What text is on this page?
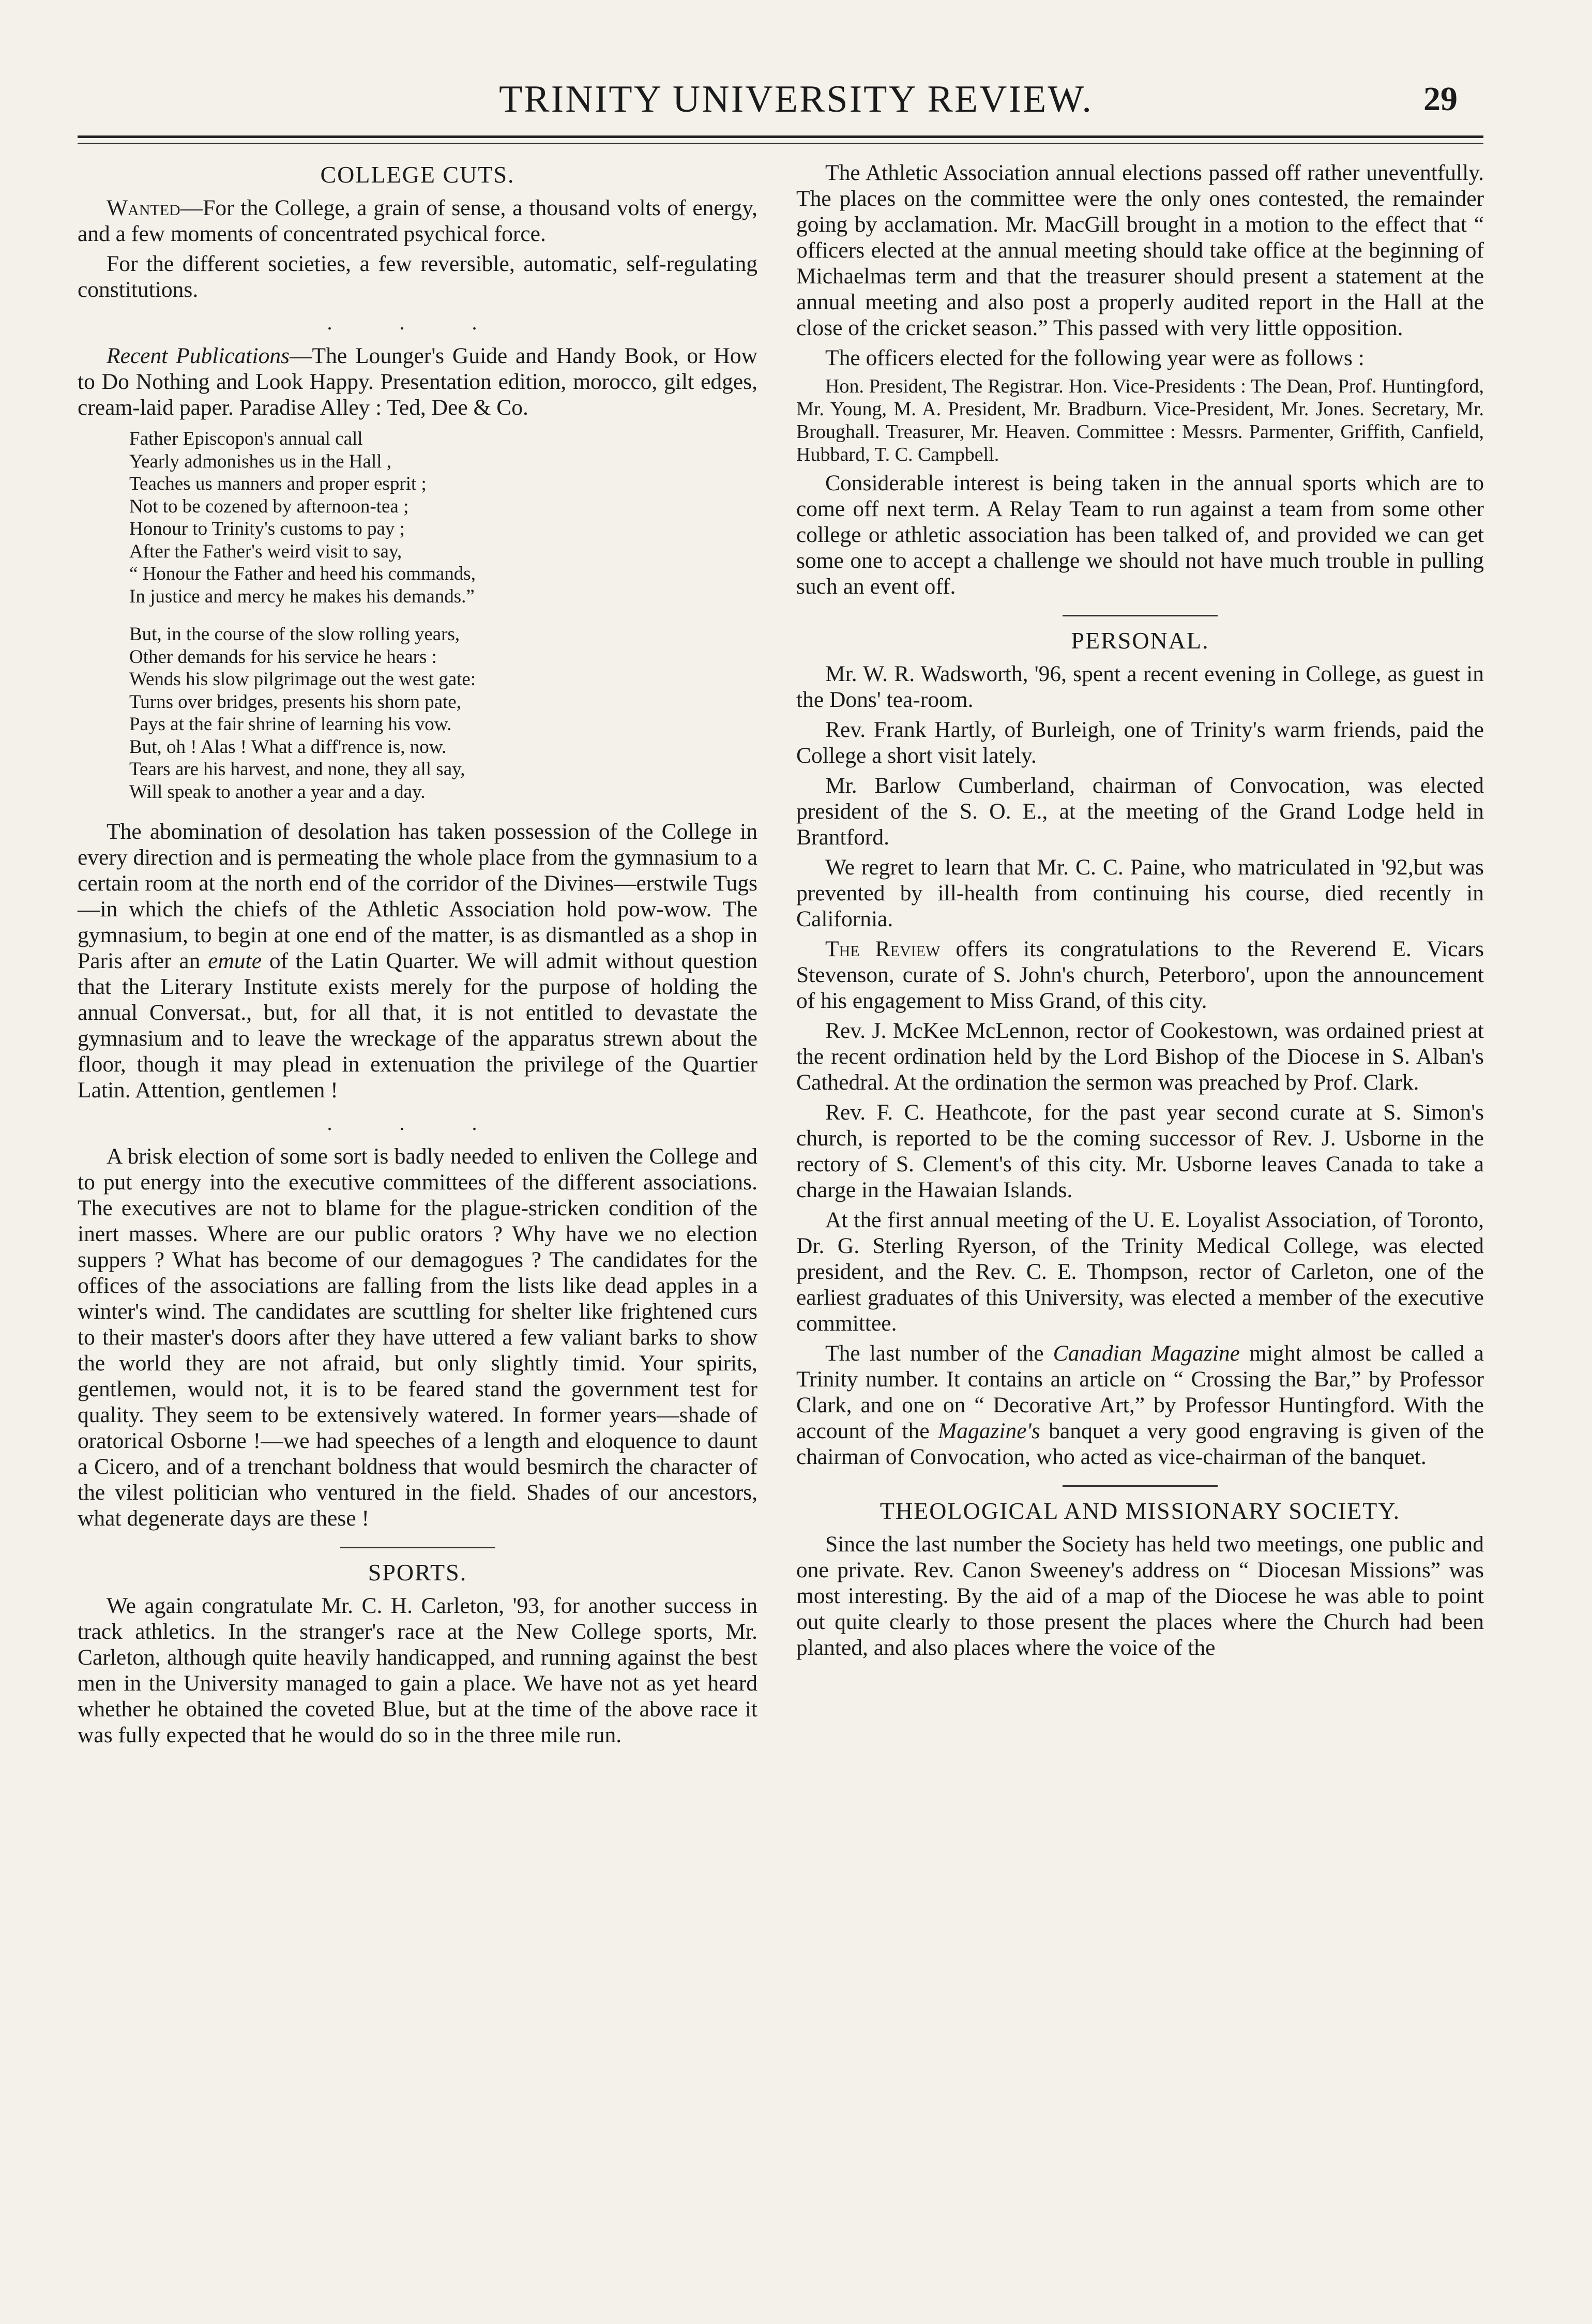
TRINITY UNIVERSITY REVIEW.	29
COLLEGE CUTS.

Wanted—For the College, a grain of sense, a thousand volts of energy, and a few moments of concentrated psychical force.

For the different societies, a few reversible, automatic, self-regulating constitutions.

. . .

Recent Publications—The Lounger's Guide and Handy Book, or How to Do Nothing and Look Happy. Presentation edition, morocco, gilt edges, cream-laid paper. Paradise Alley : Ted, Dee & Co.

Father Episcopon's annual call
Yearly admonishes us in the Hall ,
Teaches us manners and proper esprit ;
Not to be cozened by afternoon-tea ;
Honour to Trinity's customs to pay ;
After the Father's weird visit to say,
“ Honour the Father and heed his commands,
In justice and mercy he makes his demands.”
But, in the course of the slow rolling years,
Other demands for his service he hears :
Wends his slow pilgrimage out the west gate:
Turns over bridges, presents his shorn pate,
Pays at the fair shrine of learning his vow.
But, oh ! Alas ! What a diff'rence is, now.
Tears are his harvest, and none, they all say,
Will speak to another a year and a day.

The abomination of desolation has taken possession of the College in every direction and is permeating the whole place from the gymnasium to a certain room at the north end of the corridor of the Divines—erstwile Tugs—in which the chiefs of the Athletic Association hold pow-wow. The gymnasium, to begin at one end of the matter, is as dismantled as a shop in Paris after an emute of the Latin Quarter. We will admit without question that the Literary Institute exists merely for the purpose of holding the annual Conversat., but, for all that, it is not entitled to devastate the gymnasium and to leave the wreckage of the apparatus strewn about the floor, though it may plead in extenuation the privilege of the Quartier Latin. Attention, gentlemen !

. . .

A brisk election of some sort is badly needed to enliven the College and to put energy into the executive committees of the different associations. The executives are not to blame for the plague-stricken condition of the inert masses. Where are our public orators ? Why have we no election suppers ? What has become of our demagogues ? The candidates for the offices of the associations are falling from the lists like dead apples in a winter's wind. The candidates are scuttling for shelter like frightened curs to their master's doors after they have uttered a few valiant barks to show the world they are not afraid, but only slightly timid. Your spirits, gentlemen, would not, it is to be feared stand the government test for quality. They seem to be extensively watered. In former years—shade of oratorical Osborne !—we had speeches of a length and eloquence to daunt a Cicero, and of a trenchant boldness that would besmirch the character of the vilest politician who ventured in the field. Shades of our ancestors, what degenerate days are these !

SPORTS.

We again congratulate Mr. C. H. Carleton, '93, for another success in track athletics. In the stranger's race at the New College sports, Mr. Carleton, although quite heavily handicapped, and running against the best men in the University managed to gain a place. We have not as yet heard whether he obtained the coveted Blue, but at the time of the above race it was fully expected that he would do so in the three mile run.

The Athletic Association annual elections passed off rather uneventfully. The places on the committee were the only ones contested, the remainder going by acclamation. Mr. MacGill brought in a motion to the effect that “ officers elected at the annual meeting should take office at the beginning of Michaelmas term and that the treasurer should present a statement at the annual meeting and also post a properly audited report in the Hall at the close of the cricket season.” This passed with very little opposition.

The officers elected for the following year were as follows :

Hon. President, The Registrar. Hon. Vice-Presidents : The Dean, Prof. Huntingford, Mr. Young, M. A. President, Mr. Bradburn. Vice-President, Mr. Jones. Secretary, Mr. Broughall. Treasurer, Mr. Heaven. Committee : Messrs. Parmenter, Griffith, Canfield, Hubbard, T. C. Campbell.

Considerable interest is being taken in the annual sports which are to come off next term. A Relay Team to run against a team from some other college or athletic association has been talked of, and provided we can get some one to accept a challenge we should not have much trouble in pulling such an event off.

PERSONAL.

Mr. W. R. Wadsworth, '96, spent a recent evening in College, as guest in the Dons' tea-room.

Rev. Frank Hartly, of Burleigh, one of Trinity's warm friends, paid the College a short visit lately.

Mr. Barlow Cumberland, chairman of Convocation, was elected president of the S. O. E., at the meeting of the Grand Lodge held in Brantford.

We regret to learn that Mr. C. C. Paine, who matriculated in '92,but was prevented by ill-health from continuing his course, died recently in California.

The Review offers its congratulations to the Reverend E. Vicars Stevenson, curate of S. John's church, Peterboro', upon the announcement of his engagement to Miss Grand, of this city.

Rev. J. McKee McLennon, rector of Cookestown, was ordained priest at the recent ordination held by the Lord Bishop of the Diocese in S. Alban's Cathedral. At the ordination the sermon was preached by Prof. Clark.

Rev. F. C. Heathcote, for the past year second curate at S. Simon's church, is reported to be the coming successor of Rev. J. Usborne in the rectory of S. Clement's of this city. Mr. Usborne leaves Canada to take a charge in the Hawaian Islands.

At the first annual meeting of the U. E. Loyalist Association, of Toronto, Dr. G. Sterling Ryerson, of the Trinity Medical College, was elected president, and the Rev. C. E. Thompson, rector of Carleton, one of the earliest graduates of this University, was elected a member of the executive committee.

The last number of the Canadian Magazine might almost be called a Trinity number. It contains an article on “ Crossing the Bar,” by Professor Clark, and one on “ Decorative Art,” by Professor Huntingford. With the account of the Magazine's banquet a very good engraving is given of the chairman of Convocation, who acted as vice-chairman of the banquet.

THEOLOGICAL AND MISSIONARY SOCIETY.

Since the last number the Society has held two meetings, one public and one private. Rev. Canon Sweeney's address on “ Diocesan Missions” was most interesting. By the aid of a map of the Diocese he was able to point out quite clearly to those present the places where the Church had been planted, and also places where the voice of the
